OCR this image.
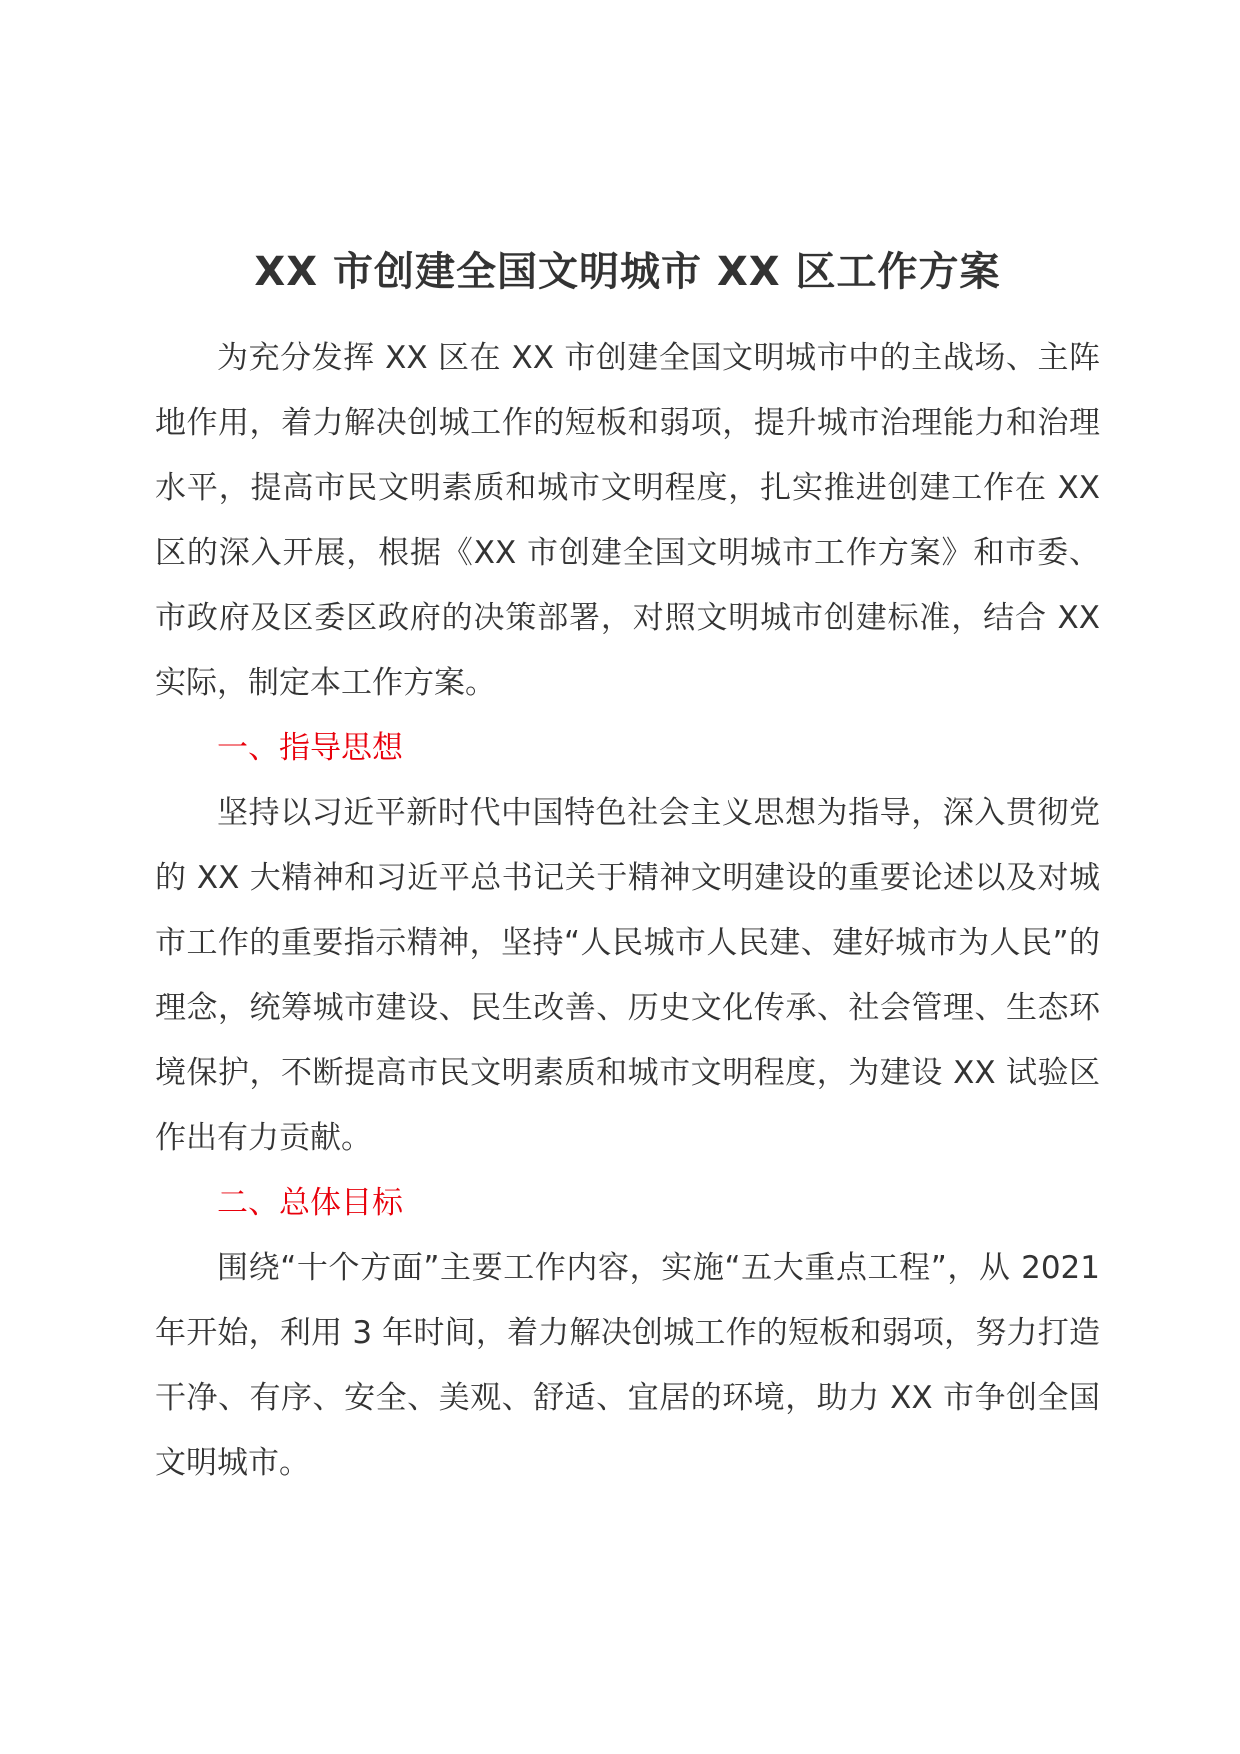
XX 市创建全国文明城市 XX 区工作方案

为充分发挥 XX 区在 XX 市创建全国文明城市中的主战场、主阵地作用，着力解决创城工作的短板和弱项，提升城市治理能力和治理水平，提高市民文明素质和城市文明程度，扎实推进创建工作在 XX 区的深入开展，根据《XX 市创建全国文明城市工作方案》和市委、市政府及区委区政府的决策部署，对照文明城市创建标准，结合 XX 实际，制定本工作方案。

一、指导思想

坚持以习近平新时代中国特色社会主义思想为指导，深入贯彻党的 XX 大精神和习近平总书记关于精神文明建设的重要论述以及对城市工作的重要指示精神，坚持“人民城市人民建、建好城市为人民”的理念，统筹城市建设、民生改善、历史文化传承、社会管理、生态环境保护，不断提高市民文明素质和城市文明程度，为建设 XX 试验区作出有力贡献。

二、总体目标

围绕“十个方面”主要工作内容，实施“五大重点工程”，从 2021 年开始，利用 3 年时间，着力解决创城工作的短板和弱项，努力打造干净、有序、安全、美观、舒适、宜居的环境，助力 XX 市争创全国文明城市。
